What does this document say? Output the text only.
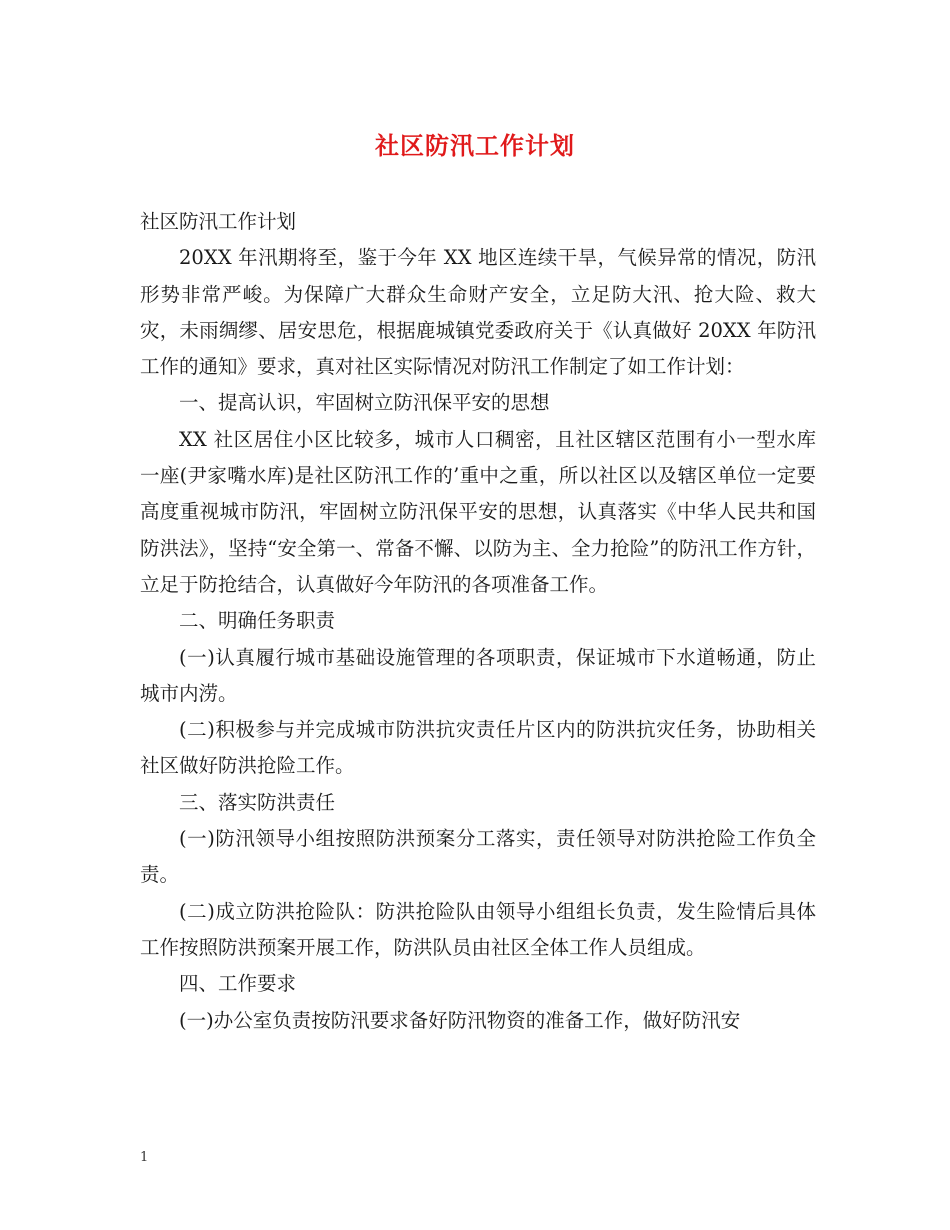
社区防汛工作计划

社区防汛工作计划

20XX 年汛期将至，鉴于今年 XX 地区连续干旱，气候异常的情况，防汛形势非常严峻。为保障广大群众生命财产安全，立足防大汛、抢大险、救大灾，未雨绸缪、居安思危，根据鹿城镇党委政府关于《认真做好 20XX 年防汛工作的通知》要求，真对社区实际情况对防汛工作制定了如工作计划：

一、提高认识，牢固树立防汛保平安的思想

XX 社区居住小区比较多，城市人口稠密，且社区辖区范围有小一型水库一座(尹家嘴水库)是社区防汛工作的’重中之重，所以社区以及辖区单位一定要高度重视城市防汛，牢固树立防汛保平安的思想，认真落实《中华人民共和国防洪法》，坚持“安全第一、常备不懈、以防为主、全力抢险”的防汛工作方针，立足于防抢结合，认真做好今年防汛的各项准备工作。

二、明确任务职责

(一)认真履行城市基础设施管理的各项职责，保证城市下水道畅通，防止城市内涝。

(二)积极参与并完成城市防洪抗灾责任片区内的防洪抗灾任务，协助相关社区做好防洪抢险工作。

三、落实防洪责任

(一)防汛领导小组按照防洪预案分工落实，责任领导对防洪抢险工作负全责。

(二)成立防洪抢险队：防洪抢险队由领导小组组长负责，发生险情后具体工作按照防洪预案开展工作，防洪队员由社区全体工作人员组成。

四、工作要求

(一)办公室负责按防汛要求备好防汛物资的准备工作，做好防汛安

1
